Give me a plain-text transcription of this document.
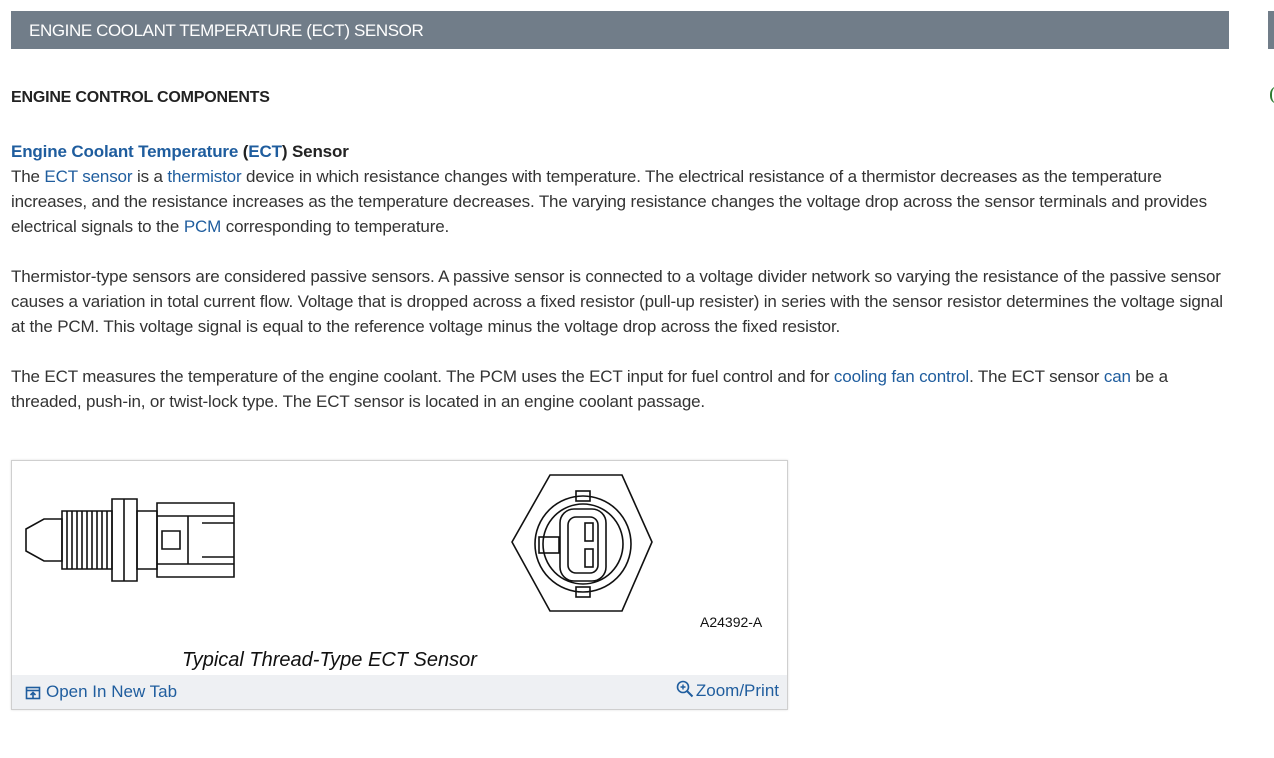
ENGINE COOLANT TEMPERATURE (ECT) SENSOR
ENGINE CONTROL COMPONENTS

Engine Coolant Temperature (ECT) Sensor

The ECT sensor is a thermistor device in which resistance changes with temperature. The electrical resistance of a thermistor decreases as the temperature increases, and the resistance increases as the temperature decreases. The varying resistance changes the voltage drop across the sensor terminals and provides electrical signals to the PCM corresponding to temperature.

Thermistor-type sensors are considered passive sensors. A passive sensor is connected to a voltage divider network so varying the resistance of the passive sensor causes a variation in total current flow. Voltage that is dropped across a fixed resistor (pull-up resister) in series with the sensor resistor determines the voltage signal at the PCM. This voltage signal is equal to the reference voltage minus the voltage drop across the fixed resistor.

The ECT measures the temperature of the engine coolant. The PCM uses the ECT input for fuel control and for cooling fan control. The ECT sensor can be a threaded, push-in, or twist-lock type. The ECT sensor is located in an engine coolant passage.

A24392-A
Typical Thread-Type ECT Sensor
Open In New Tab	Zoom/Print
